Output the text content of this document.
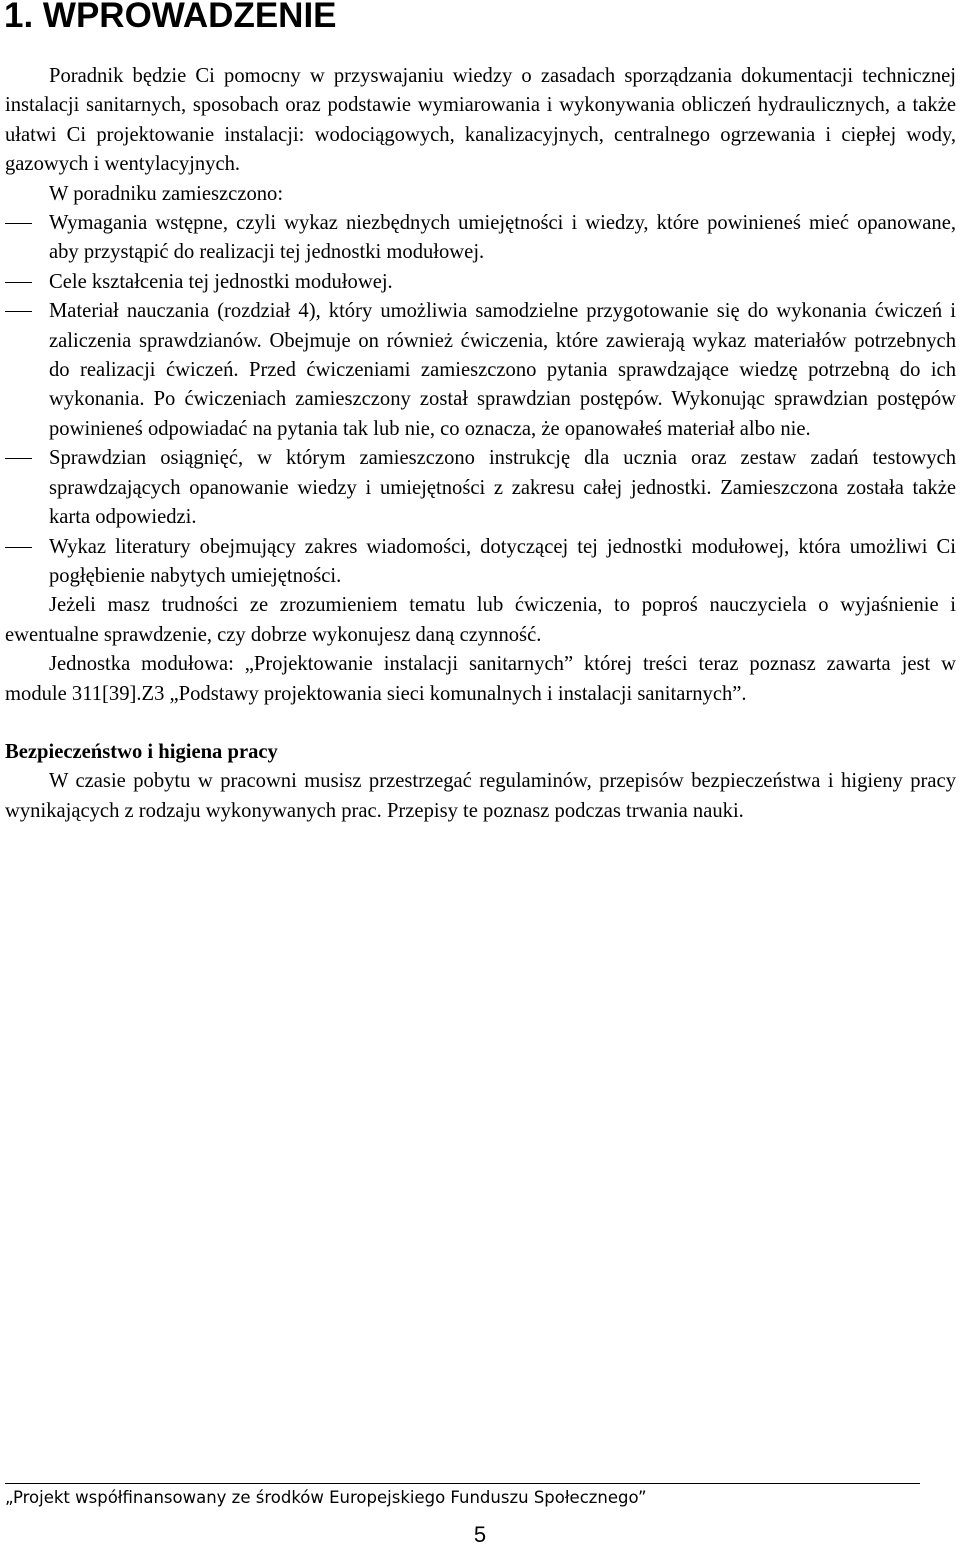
1. WPROWADZENIE

Poradnik będzie Ci pomocny w przyswajaniu wiedzy o zasadach sporządzania dokumentacji technicznej instalacji sanitarnych, sposobach oraz podstawie wymiarowania i wykonywania obliczeń hydraulicznych, a także ułatwi Ci projektowanie instalacji: wodociągowych, kanalizacyjnych, centralnego ogrzewania i ciepłej wody, gazowych i wentylacyjnych.

W poradniku zamieszczono:

Wymagania wstępne, czyli wykaz niezbędnych umiejętności i wiedzy, które powinieneś mieć opanowane, aby przystąpić do realizacji tej jednostki modułowej.
Cele kształcenia tej jednostki modułowej.
Materiał nauczania (rozdział 4), który umożliwia samodzielne przygotowanie się do wykonania ćwiczeń i zaliczenia sprawdzianów. Obejmuje on również ćwiczenia, które zawierają wykaz materiałów potrzebnych do realizacji ćwiczeń. Przed ćwiczeniami zamieszczono pytania sprawdzające wiedzę potrzebną do ich wykonania. Po ćwiczeniach zamieszczony został sprawdzian postępów. Wykonując sprawdzian postępów powinieneś odpowiadać na pytania tak lub nie, co oznacza, że opanowałeś materiał albo nie.
Sprawdzian osiągnięć, w którym zamieszczono instrukcję dla ucznia oraz zestaw zadań testowych sprawdzających opanowanie wiedzy i umiejętności z zakresu całej jednostki. Zamieszczona została także karta odpowiedzi.
Wykaz literatury obejmujący zakres wiadomości, dotyczącej tej jednostki modułowej, która umożliwi Ci pogłębienie nabytych umiejętności.

Jeżeli masz trudności ze zrozumieniem tematu lub ćwiczenia, to poproś nauczyciela o wyjaśnienie i ewentualne sprawdzenie, czy dobrze wykonujesz daną czynność.

Jednostka modułowa: „Projektowanie instalacji sanitarnych” której treści teraz poznasz zawarta jest w module 311[39].Z3 „Podstawy projektowania sieci komunalnych i instalacji sanitarnych”.

Bezpieczeństwo i higiena pracy

W czasie pobytu w pracowni musisz przestrzegać regulaminów, przepisów bezpieczeństwa i higieny pracy wynikających z rodzaju wykonywanych prac. Przepisy te poznasz podczas trwania nauki.

„Projekt współfinansowany ze środków Europejskiego Funduszu Społecznego”

5
